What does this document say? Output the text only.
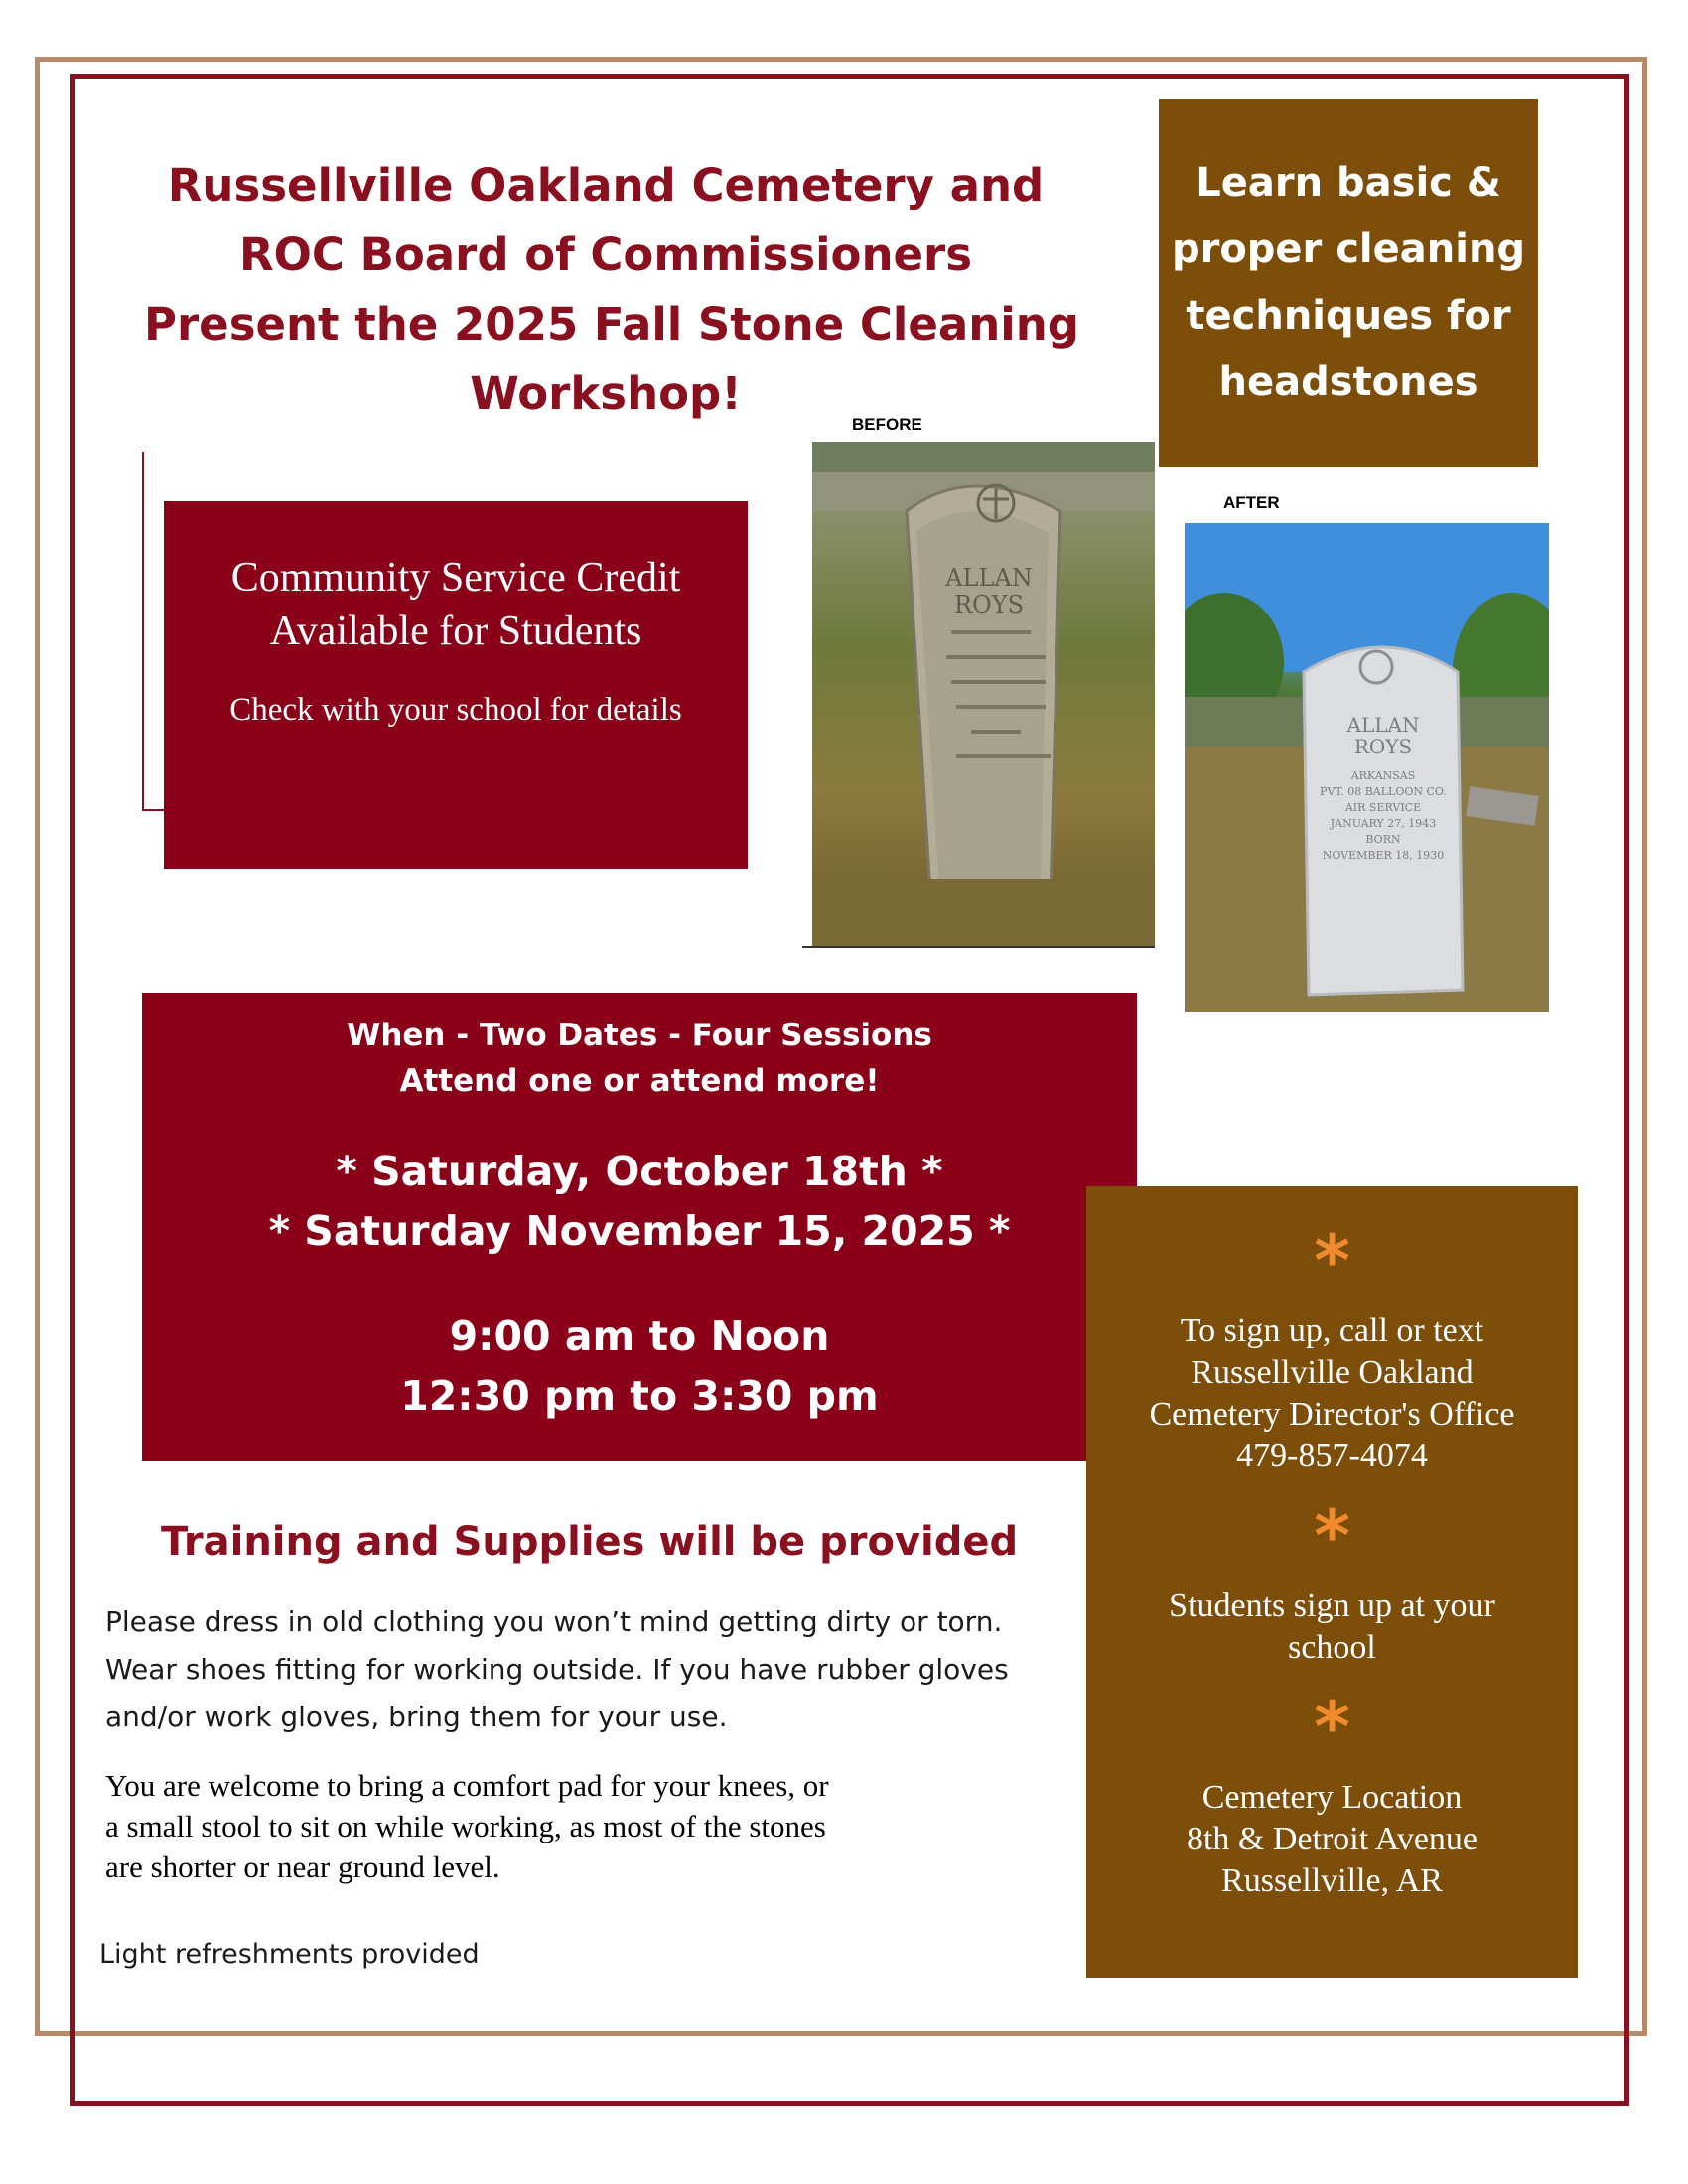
Russellville Oakland Cemetery and
ROC Board of Commissioners
Present the 2025 Fall Stone Cleaning
Workshop!
Learn basic &
proper cleaning
techniques for
headstones
BEFORE
AFTER
Community Service Credit
Available for Students
Check with your school for details
ALLAN
ROYS
ALLAN
ROYS
ARKANSAS
PVT. 08 BALLOON CO.
AIR SERVICE
JANUARY 27, 1943
BORN
NOVEMBER 18, 1930
When - Two Dates - Four Sessions
Attend one or attend more!
* Saturday, October 18th *
* Saturday November 15, 2025 *
9:00 am to Noon
12:30 pm to 3:30 pm
*
To sign up, call or text
Russellville Oakland
Cemetery Director's Office
479-857-4074
*
Students sign up at your
school
*
Cemetery Location
8th & Detroit Avenue
Russellville, AR
Training and Supplies will be provided
Please dress in old clothing you won’t mind getting dirty or torn.
Wear shoes fitting for working outside. If you have rubber gloves
and/or work gloves, bring them for your use.
You are welcome to bring a comfort pad for your knees, or
a small stool to sit on while working, as most of the stones
are shorter or near ground level.
Light refreshments provided
